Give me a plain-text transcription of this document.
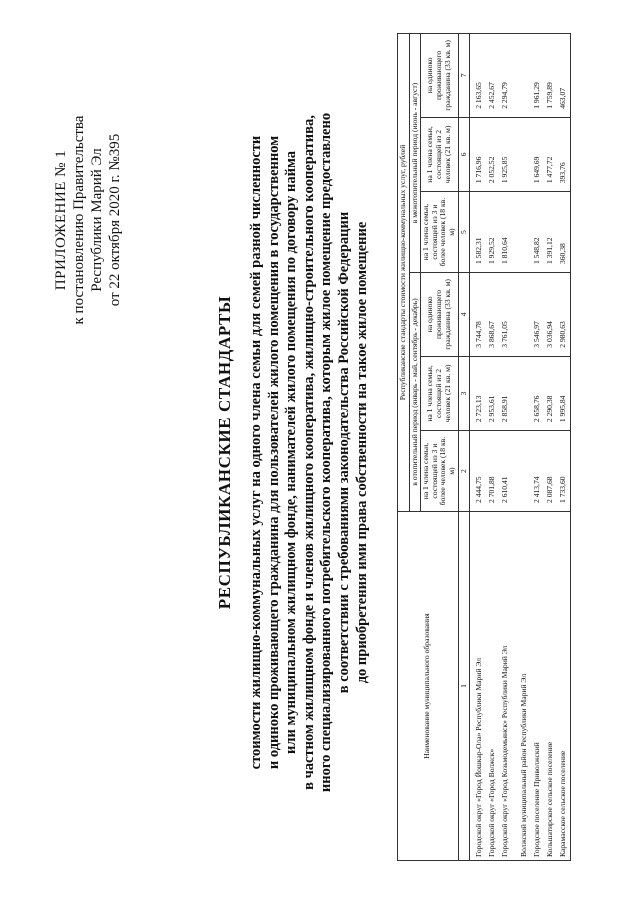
ПРИЛОЖЕНИЕ № 1 к постановлению Правительства Республики Марий Эл от 22 октября 2020 г. №395
РЕСПУБЛИКАНСКИЕ СТАНДАРТЫ стоимости жилищно-коммунальных услуг на одного члена семьи для семей разной численности и одиноко проживающего гражданина для пользователей жилого помещения в государственном или муниципальном жилищном фонде, нанимателей жилого помещения по договору найма в частном жилищном фонде и членов жилищного кооператива, жилищно-строительного кооператива, иного специализированного потребительского кооператива, которым жилое помещение предоставлено в соответствии с требованиями законодательства Российской Федерации до приобретения ими права собственности на такое жилое помещение
Наименование муниципального образования	Республиканские стандарты стоимости жилищно-коммунальных услуг, рублей					
	в отопительный период (январь - май, сентябрь - декабрь)			в межотопительный период (июнь - август)		
	на 1 члена семьи, состоящей из 3 и более человек (18 кв. м)	на 1 члена семьи, состоящей из 2 человек (21 кв. м)	на одиноко проживающего гражданина (33 кв. м)	на 1 члена семьи, состоящей из 3 и более человек (18 кв. м)	на 1 члена семьи, состоящей из 2 человек (21 кв. м)	на одиноко проживающего гражданина (33 кв. м)
1	2	3	4	5	6	7
Городской округ «Город Йошкар-Ола» Республики Марий Эл	2 444,75	2 723,13	3 744,78	1 582,31	1 716,96	2 163,65
Городской округ «Город Волжск»	2 701,88	2 953,61	3 868,67	1 929,52	2 052,52	2 452,67
Городской округ «Город Козьмодемьянск» Республики Марий Эл	2 610,41	2 858,91	3 761,05	1 810,64	1 925,85	2 294,79
Волжский муниципальный район Республики Марий Эл						
Городское поселение Приволжский	2 413,74	2 658,76	3 546,97	1 548,82	1 649,69	1 961,29
Кольшатирское сельское поселение	2 087,68	2 290,38	3 036,94	1 391,12	1 477,72	1 759,89
Карамасское сельское поселение	1 733,60	1 995,84	2 980,63	360,38	393,76	463,07
